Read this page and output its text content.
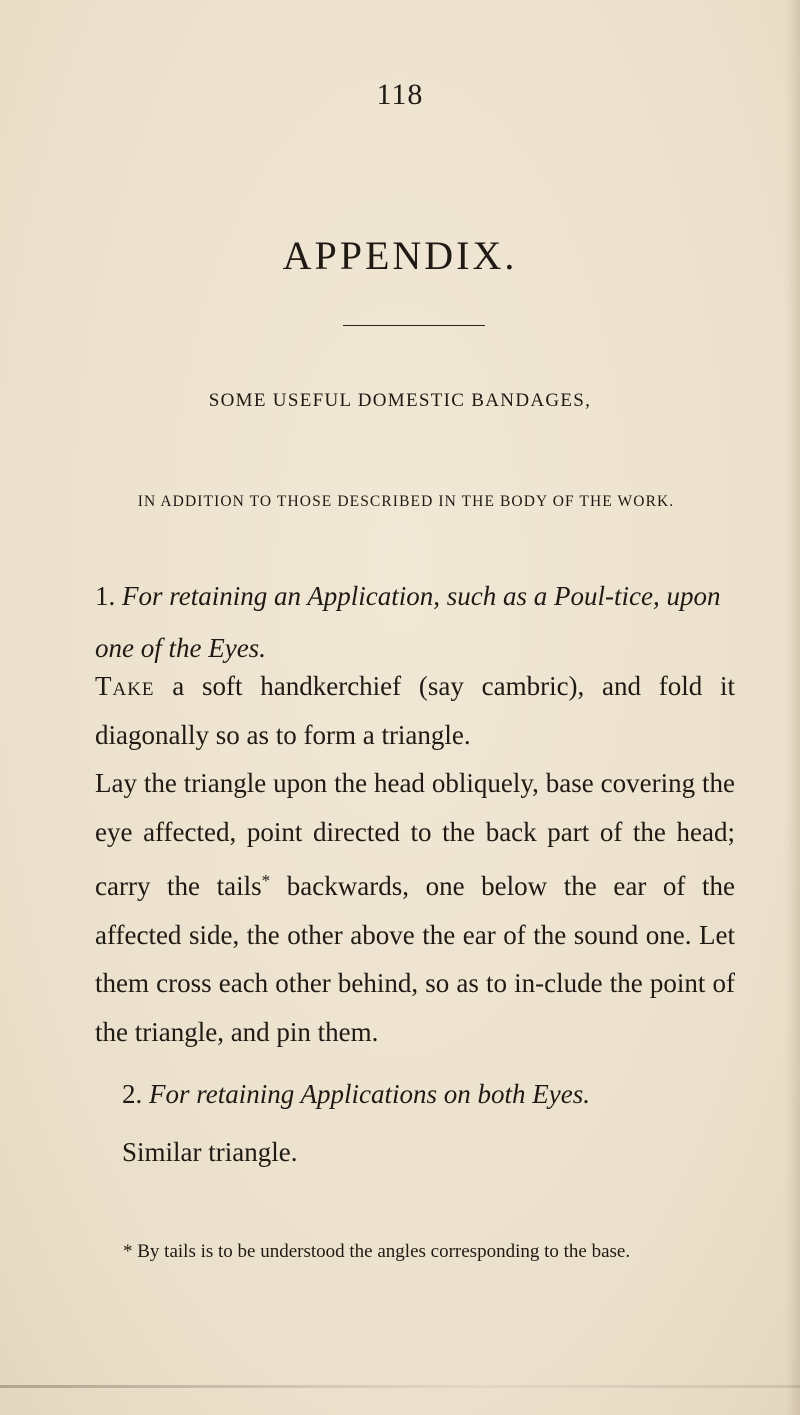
118
APPENDIX.
SOME USEFUL DOMESTIC BANDAGES,
IN ADDITION TO THOSE DESCRIBED IN THE BODY OF THE WORK.
1. For retaining an Application, such as a Poul-tice, upon one of the Eyes.

Take a soft handkerchief (say cambric), and fold it diagonally so as to form a triangle.

Lay the triangle upon the head obliquely, base covering the eye affected, point directed to the back part of the head; carry the tails* backwards, one below the ear of the affected side, the other above the ear of the sound one. Let them cross each other behind, so as to in-clude the point of the triangle, and pin them.

2. For retaining Applications on both Eyes.
Similar triangle.
* By tails is to be understood the angles corresponding to the base.
